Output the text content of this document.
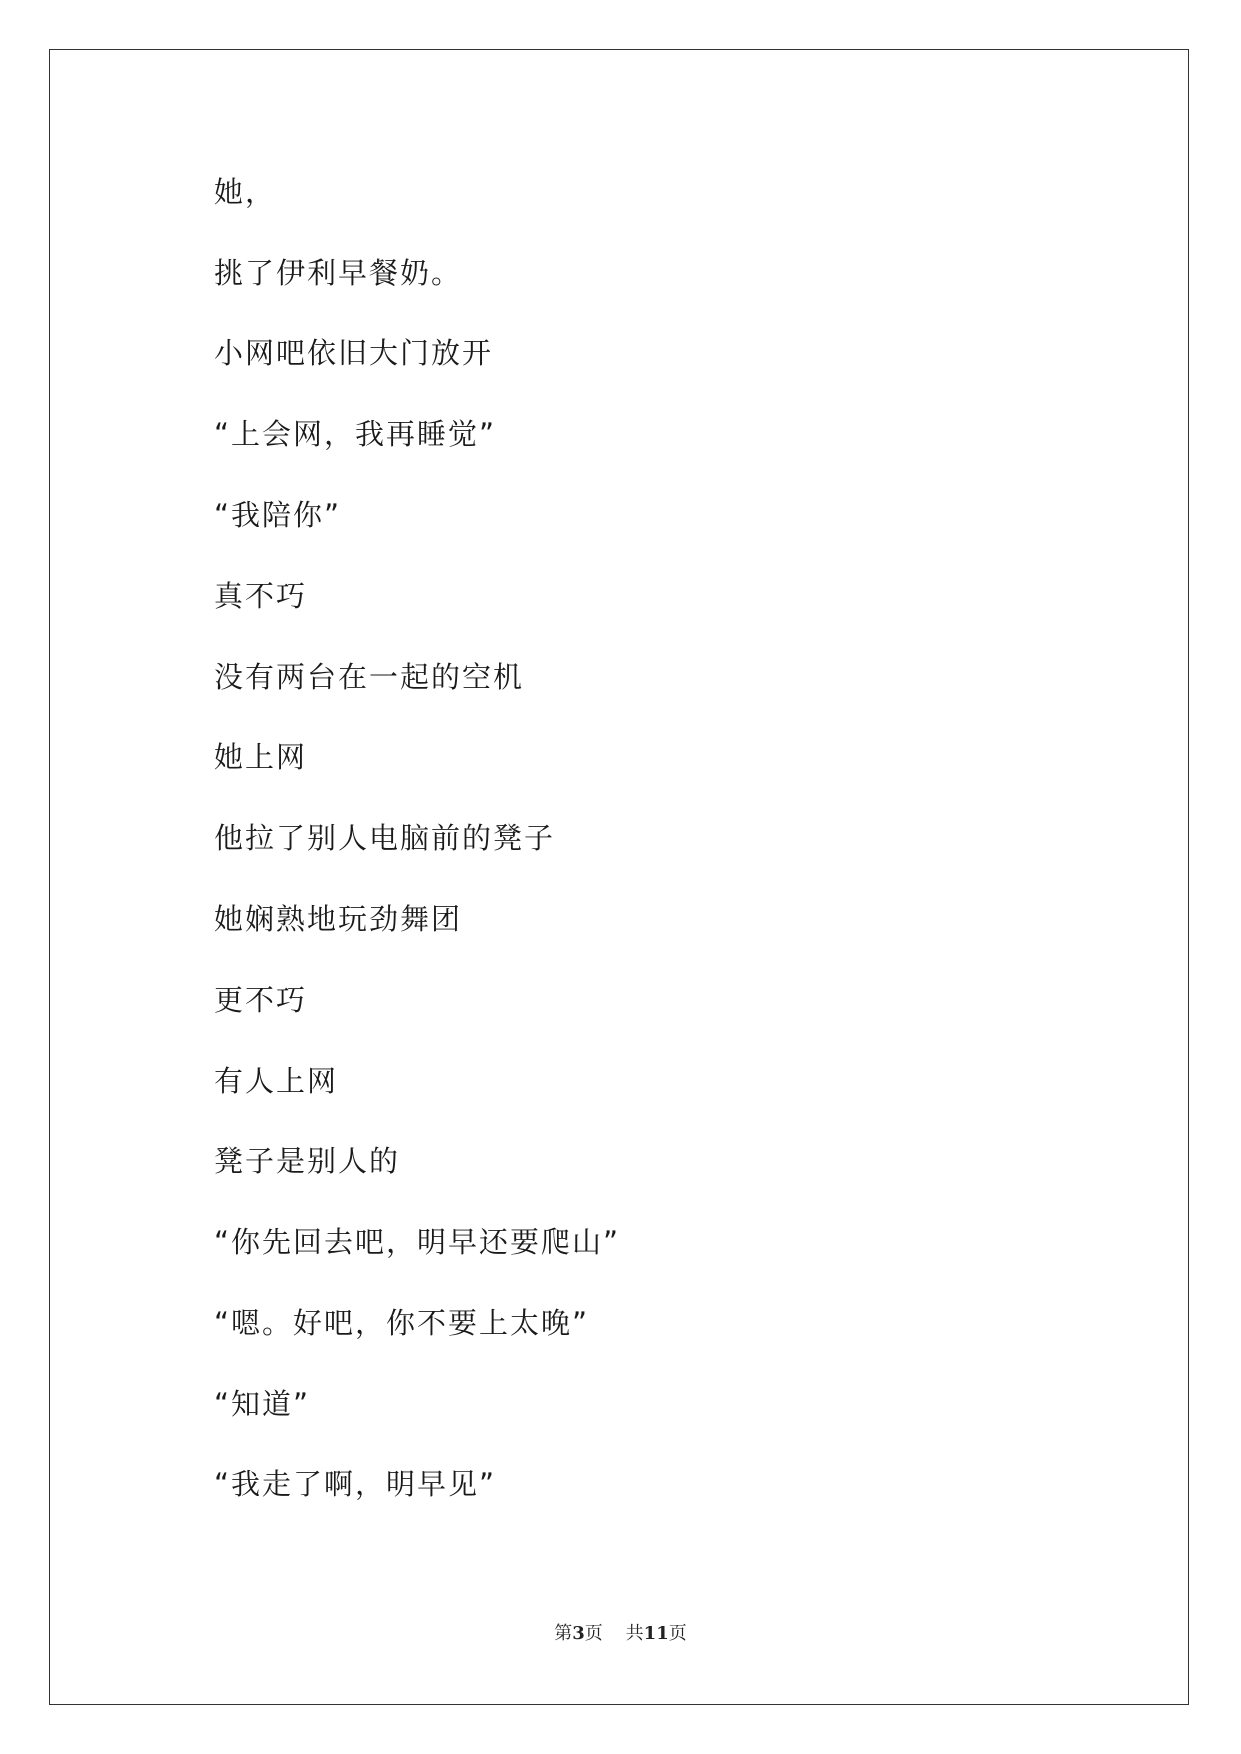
她，
挑了伊利早餐奶。
小网吧依旧大门放开
“上会网，我再睡觉”
“我陪你”
真不巧
没有两台在一起的空机
她上网
他拉了别人电脑前的凳子
她娴熟地玩劲舞团
更不巧
有人上网
凳子是别人的
“你先回去吧，明早还要爬山”
“嗯。好吧，你不要上太晚”
“知道”
“我走了啊，明早见”
第3页 共11页
